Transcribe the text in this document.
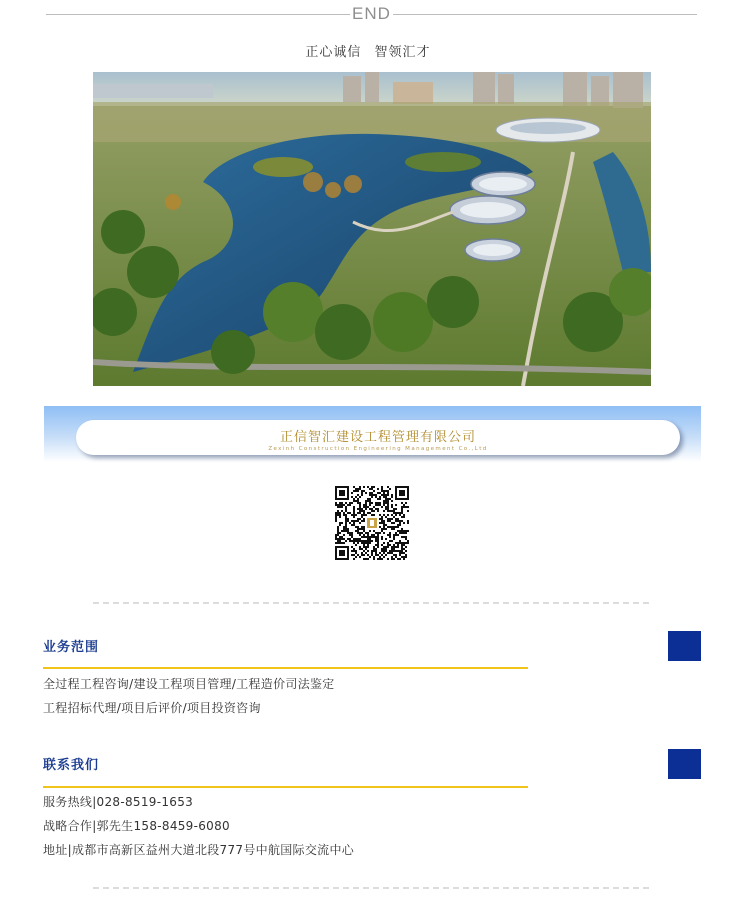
END
正心诚信 智领汇才
正信智汇建设工程管理有限公司
Zexinh Construction Engineering Management Co.,Ltd
业务范围
全过程工程咨询/建设工程项目管理/工程造价司法鉴定
工程招标代理/项目后评价/项目投资咨询
联系我们
服务热线|028-8519-1653
战略合作|郭先生158-8459-6080
地址|成都市高新区益州大道北段777号中航国际交流中心
